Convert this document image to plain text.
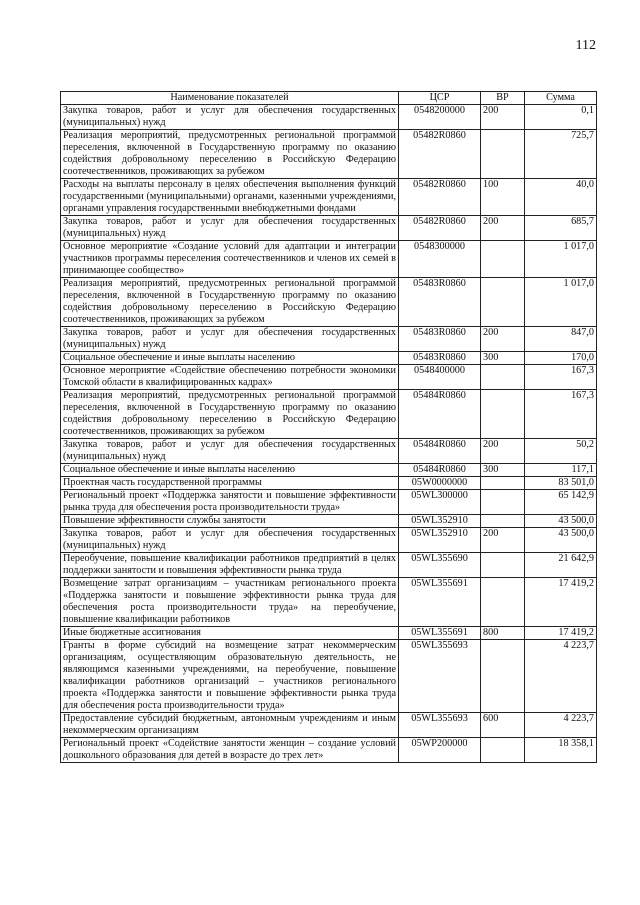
112
Наименование показателей	ЦСР	ВР	Сумма
Закупка товаров, работ и услуг для обеспечения государственных (муниципальных) нужд	0548200000	200	0,1
Реализация мероприятий, предусмотренных региональной программой переселения, включенной в Государственную программу по оказанию содействия добровольному переселению в Российскую Федерацию соотечественников, проживающих за рубежом	05482R0860		725,7
Расходы на выплаты персоналу в целях обеспечения выполнения функций государственными (муниципальными) органами, казенными учреждениями, органами управления государственными внебюджетными фондами	05482R0860	100	40,0
Закупка товаров, работ и услуг для обеспечения государственных (муниципальных) нужд	05482R0860	200	685,7
Основное мероприятие «Создание условий для адаптации и интеграции участников программы переселения соотечественников и членов их семей в принимающее сообщество»	0548300000		1 017,0
Реализация мероприятий, предусмотренных региональной программой переселения, включенной в Государственную программу по оказанию содействия добровольному переселению в Российскую Федерацию соотечественников, проживающих за рубежом	05483R0860		1 017,0
Закупка товаров, работ и услуг для обеспечения государственных (муниципальных) нужд	05483R0860	200	847,0
Социальное обеспечение и иные выплаты населению	05483R0860	300	170,0
Основное мероприятие «Содействие обеспечению потребности экономики Томской области в квалифицированных кадрах»	0548400000		167,3
Реализация мероприятий, предусмотренных региональной программой переселения, включенной в Государственную программу по оказанию содействия добровольному переселению в Российскую Федерацию соотечественников, проживающих за рубежом	05484R0860		167,3
Закупка товаров, работ и услуг для обеспечения государственных (муниципальных) нужд	05484R0860	200	50,2
Социальное обеспечение и иные выплаты населению	05484R0860	300	117,1
Проектная часть государственной программы	05W0000000		83 501,0
Региональный проект «Поддержка занятости и повышение эффективности рынка труда для обеспечения роста производительности труда»	05WL300000		65 142,9
Повышение эффективности службы занятости	05WL352910		43 500,0
Закупка товаров, работ и услуг для обеспечения государственных (муниципальных) нужд	05WL352910	200	43 500,0
Переобучение, повышение квалификации работников предприятий в целях поддержки занятости и повышения эффективности рынка труда	05WL355690		21 642,9
Возмещение затрат организациям – участникам регионального проекта «Поддержка занятости и повышение эффективности рынка труда для обеспечения роста производительности труда» на переобучение, повышение квалификации работников	05WL355691		17 419,2
Иные бюджетные ассигнования	05WL355691	800	17 419,2
Гранты в форме субсидий на возмещение затрат некоммерческим организациям, осуществляющим образовательную деятельность, не являющимся казенными учреждениями, на переобучение, повышение квалификации работников организаций – участников регионального проекта «Поддержка занятости и повышение эффективности рынка труда для обеспечения роста производительности труда»	05WL355693		4 223,7
Предоставление субсидий бюджетным, автономным учреждениям и иным некоммерческим организациям	05WL355693	600	4 223,7
Региональный проект «Содействие занятости женщин – создание условий дошкольного образования для детей в возрасте до трех лет»	05WP200000		18 358,1
